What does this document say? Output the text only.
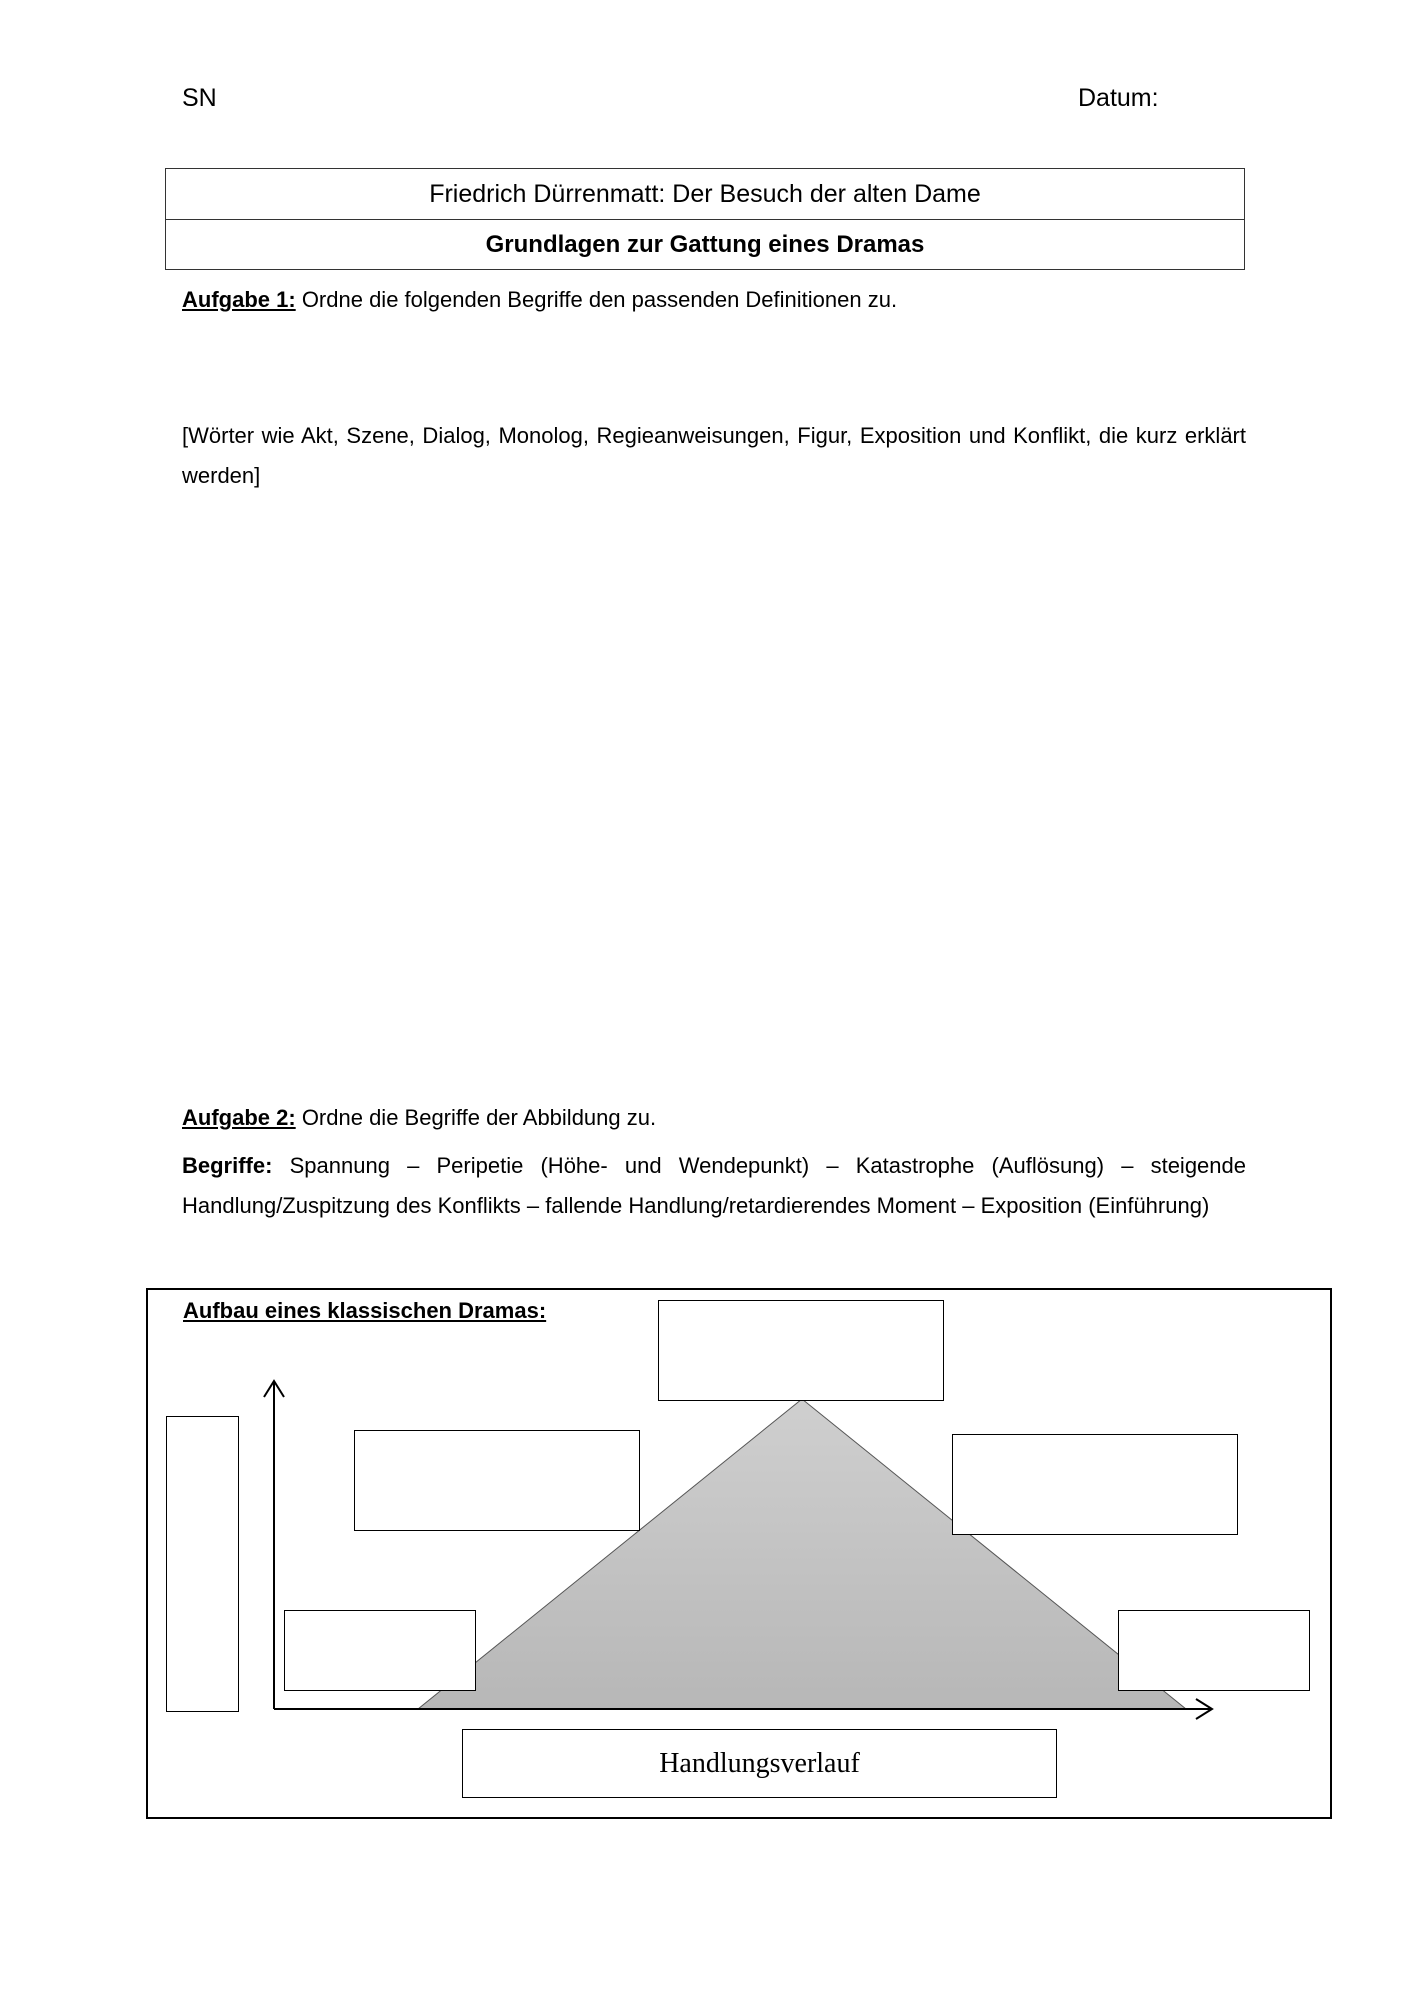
SN	Datum:
Friedrich Dürrenmatt: Der Besuch der alten Dame
Grundlagen zur Gattung eines Dramas
Aufgabe 1: Ordne die folgenden Begriffe den passenden Definitionen zu.
[Wörter wie Akt, Szene, Dialog, Monolog, Regieanweisungen, Figur, Exposition und Konflikt, die kurz erklärt werden]
Aufgabe 2: Ordne die Begriffe der Abbildung zu.
Begriffe: Spannung – Peripetie (Höhe- und Wendepunkt) – Katastrophe (Auflösung) – steigende Handlung/Zuspitzung des Konflikts – fallende Handlung/retardierendes Moment – Exposition (Einführung)
Aufbau eines klassischen Dramas:
Handlungsverlauf
